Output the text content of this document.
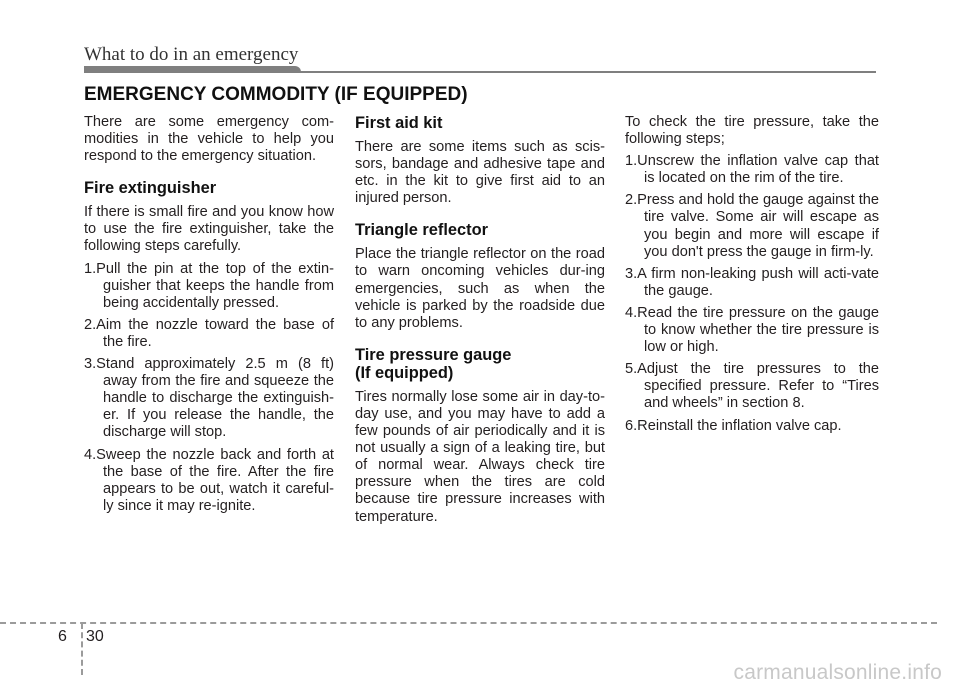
What to do in an emergency
EMERGENCY COMMODITY (IF EQUIPPED)

There are some emergency com-modities in the vehicle to help you respond to the emergency situation.

Fire extinguisher

If there is small fire and you know how to use the fire extinguisher, take the following steps carefully.

1.Pull the pin at the top of the extin-guisher that keeps the handle from being accidentally pressed.
2.Aim the nozzle toward the base of the fire.
3.Stand approximately 2.5 m (8 ft) away from the fire and squeeze the handle to discharge the extinguish-er. If you release the handle, the discharge will stop.
4.Sweep the nozzle back and forth at the base of the fire. After the fire appears to be out, watch it careful-ly since it may re-ignite.
First aid kit

There are some items such as scis-sors, bandage and adhesive tape and etc. in the kit to give first aid to an injured person.

Triangle reflector

Place the triangle reflector on the road to warn oncoming vehicles dur-ing emergencies, such as when the vehicle is parked by the roadside due to any problems.

Tire pressure gauge
(If equipped)

Tires normally lose some air in day-to-day use, and you may have to add a few pounds of air periodically and it is not usually a sign of a leaking tire, but of normal wear. Always check tire pressure when the tires are cold because tire pressure increases with temperature.

To check the tire pressure, take the following steps;

1.Unscrew the inflation valve cap that is located on the rim of the tire.
2.Press and hold the gauge against the tire valve. Some air will escape as you begin and more will escape if you don't press the gauge in firm-ly.
3.A firm non-leaking push will acti-vate the gauge.
4.Read the tire pressure on the gauge to know whether the tire pressure is low or high.
5.Adjust the tire pressures to the specified pressure. Refer to “Tires and wheels” in section 8.
6.Reinstall the inflation valve cap.
6 30
carmanualsonline.info
